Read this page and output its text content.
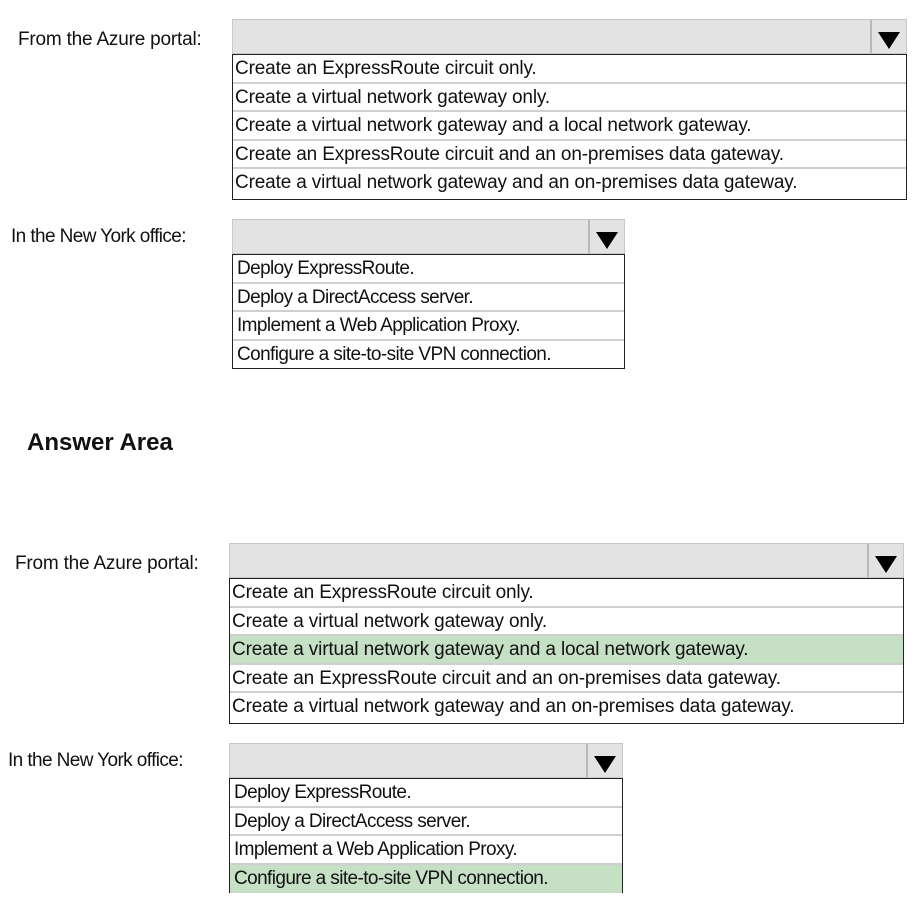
From the Azure portal:
Create an ExpressRoute circuit only.
Create a virtual network gateway only.
Create a virtual network gateway and a local network gateway.
Create an ExpressRoute circuit and an on-premises data gateway.
Create a virtual network gateway and an on-premises data gateway.
In the New York office:
Deploy ExpressRoute.
Deploy a DirectAccess server.
Implement a Web Application Proxy.
Configure a site-to-site VPN connection.
Answer Area
From the Azure portal:
Create an ExpressRoute circuit only.
Create a virtual network gateway only.
Create a virtual network gateway and a local network gateway.
Create an ExpressRoute circuit and an on-premises data gateway.
Create a virtual network gateway and an on-premises data gateway.
In the New York office:
Deploy ExpressRoute.
Deploy a DirectAccess server.
Implement a Web Application Proxy.
Configure a site-to-site VPN connection.
